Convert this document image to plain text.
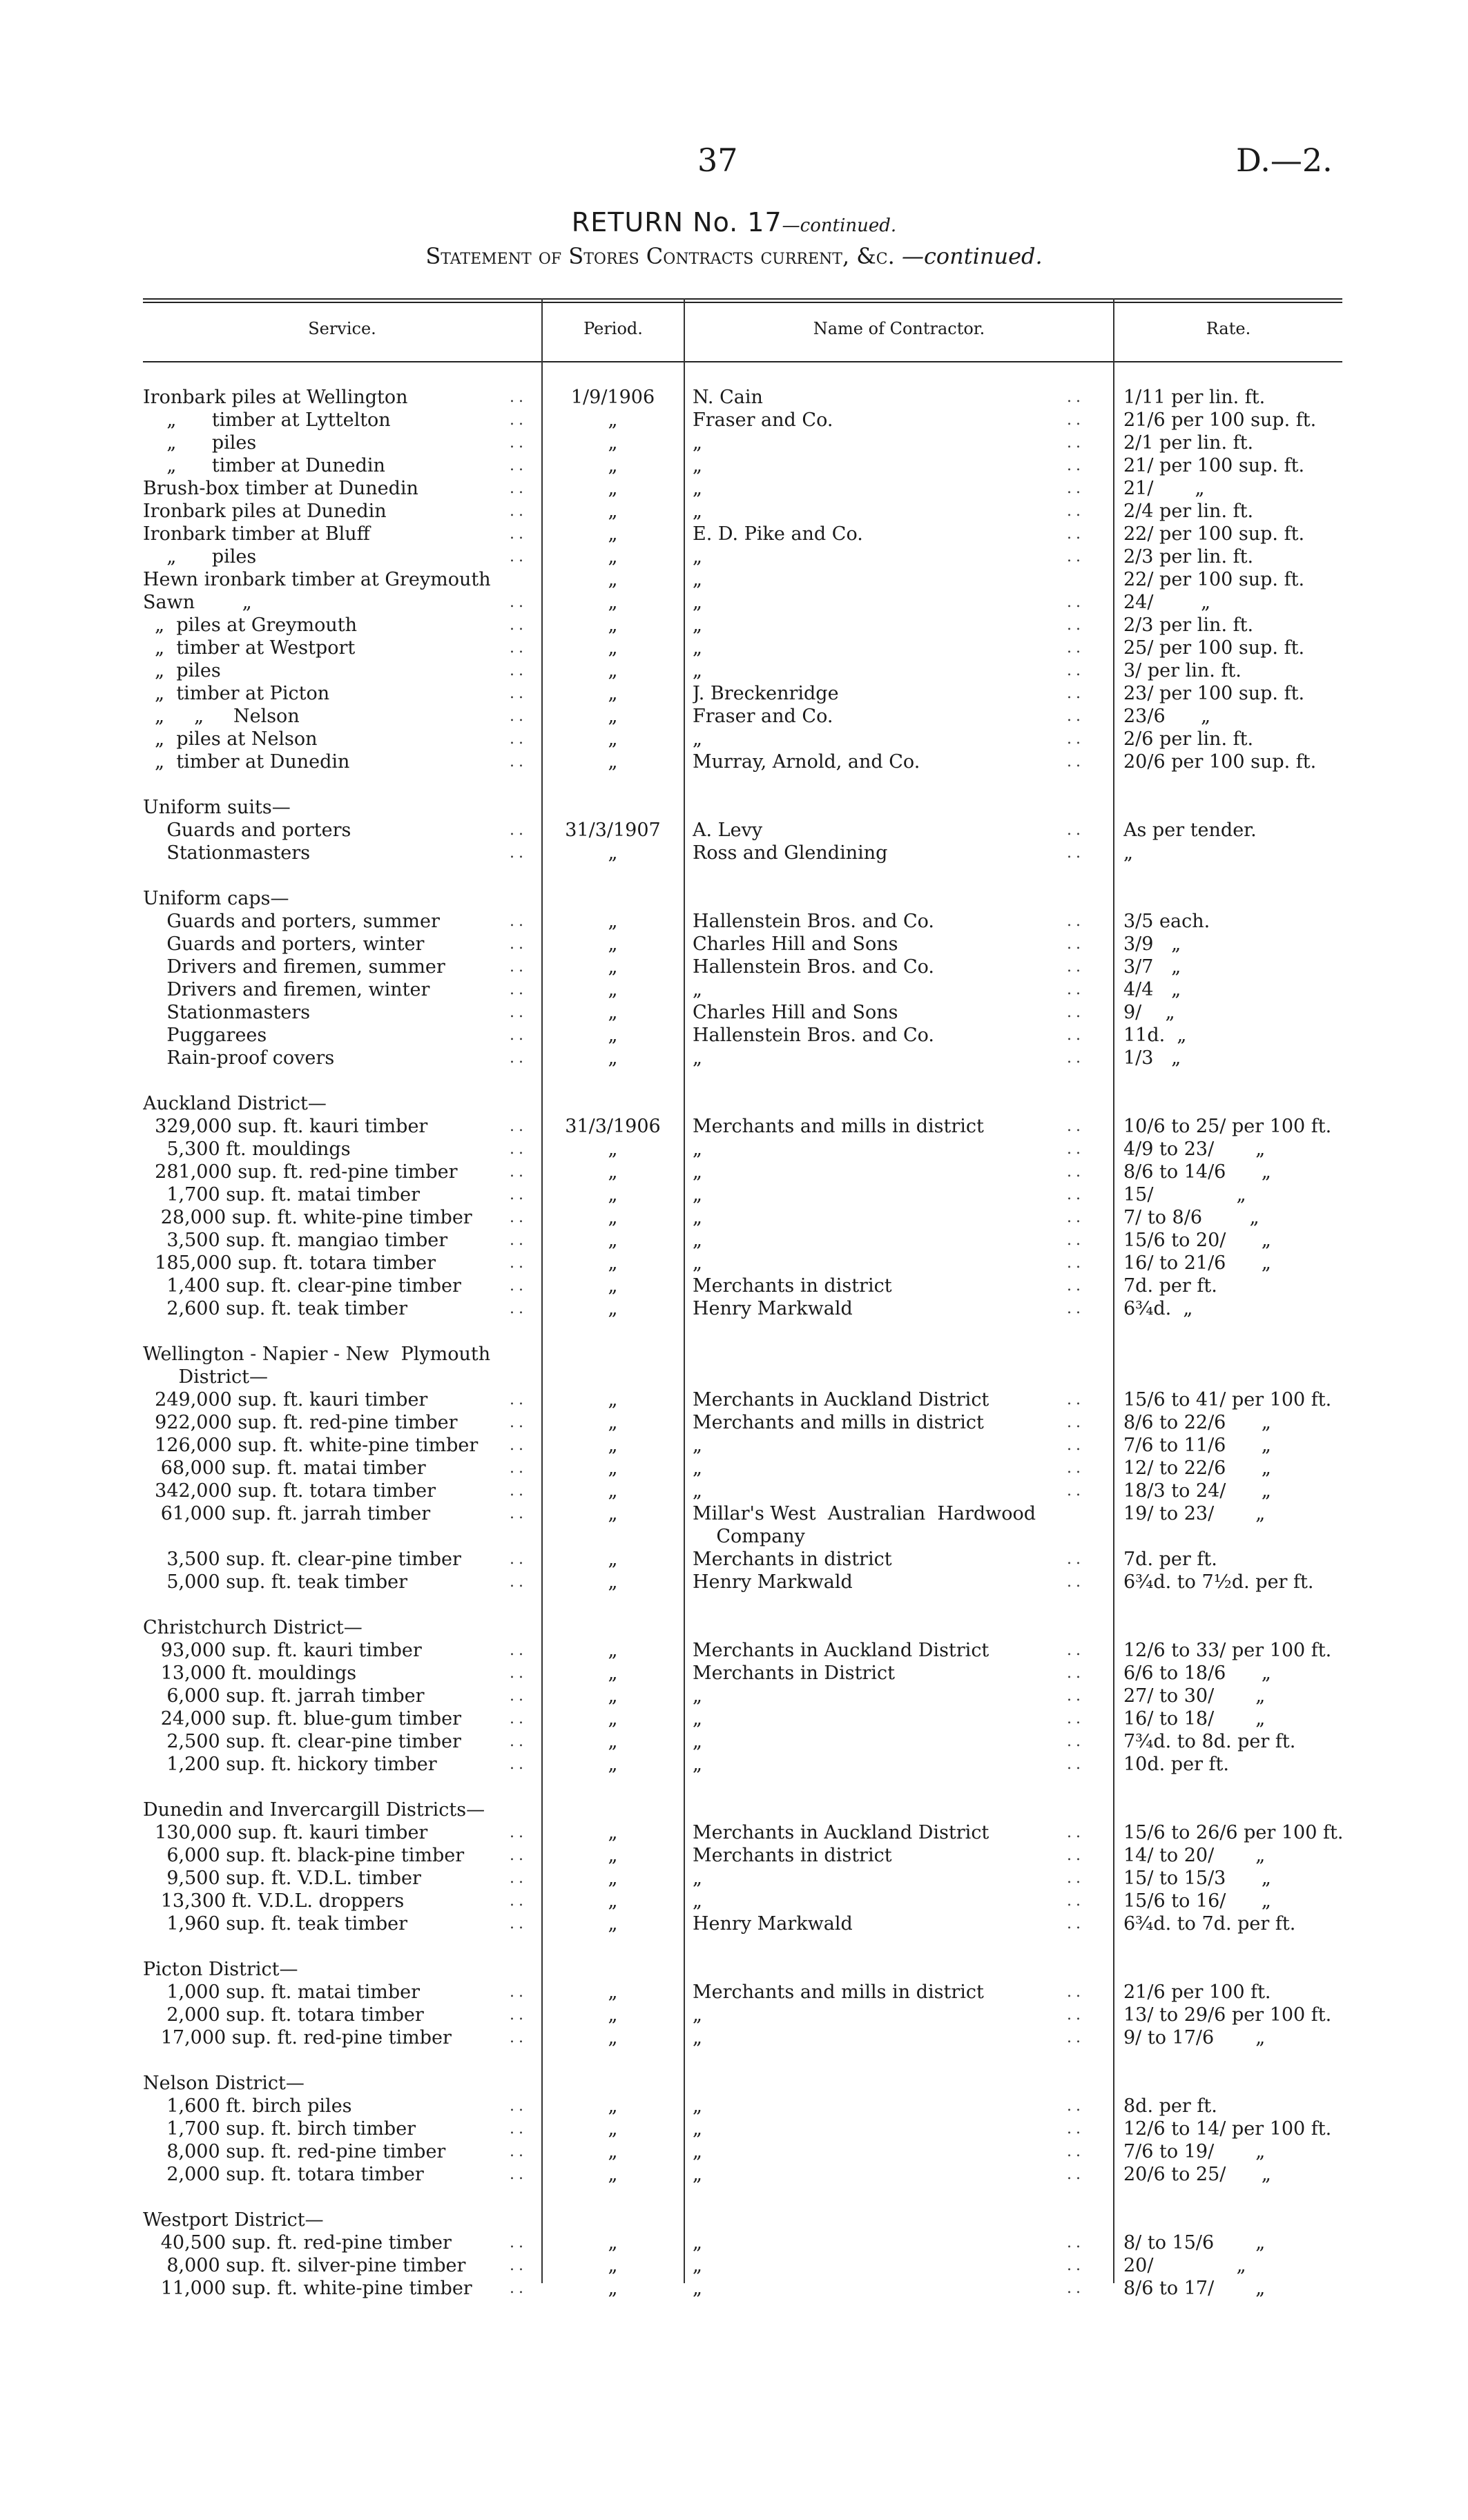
37	D.—2.
RETURN No. 17—continued.
Statement of Stores Contracts current, &c. —continued.
Service.	Period.	Name of Contractor.	Rate.
Ironbark piles at Wellington	1/9/1906	N. Cain	1/11 per lin. ft.
..	..
„      timber at Lyttelton	„	Fraser and Co.	21/6 per 100 sup. ft.
..	..
„      piles	„	„	2/1 per lin. ft.
..	..
„      timber at Dunedin	„	„	21/ per 100 sup. ft.
..	..
Brush-box timber at Dunedin	„	„	21/       „
..	..
Ironbark piles at Dunedin	„	„	2/4 per lin. ft.
..	..
Ironbark timber at Bluff	„	E. D. Pike and Co.	22/ per 100 sup. ft.
..	..
„      piles	„	„	2/3 per lin. ft.
..	..
Hewn ironbark timber at Greymouth	„	„	22/ per 100 sup. ft.
Sawn        „	„	„	24/        „
..	..
„  piles at Greymouth	„	„	2/3 per lin. ft.
..	..
„  timber at Westport	„	„	25/ per 100 sup. ft.
..	..
„  piles	„	„	3/ per lin. ft.
..	..
„  timber at Picton	„	J. Breckenridge	23/ per 100 sup. ft.
..	..
„     „     Nelson	„	Fraser and Co.	23/6      „
..	..
„  piles at Nelson	„	„	2/6 per lin. ft.
..	..
„  timber at Dunedin	„	Murray, Arnold, and Co.	20/6 per 100 sup. ft.
..	..
Uniform suits—
Guards and porters	31/3/1907	A. Levy	As per tender.
..	..
Stationmasters	„	Ross and Glendining	„
..	..
Uniform caps—
Guards and porters, summer	„	Hallenstein Bros. and Co.	3/5 each.
..	..
Guards and porters, winter	„	Charles Hill and Sons	3/9   „
..	..
Drivers and firemen, summer	„	Hallenstein Bros. and Co.	3/7   „
..	..
Drivers and firemen, winter	„	„	4/4   „
..	..
Stationmasters	„	Charles Hill and Sons	9/    „
..	..
Puggarees	„	Hallenstein Bros. and Co.	11d.  „
..	..
Rain-proof covers	„	„	1/3   „
..	..
Auckland District—
329,000 sup. ft. kauri timber	31/3/1906	Merchants and mills in district	10/6 to 25/ per 100 ft.
..	..
5,300 ft. mouldings	„	„	4/9 to 23/       „
..	..
281,000 sup. ft. red-pine timber	„	„	8/6 to 14/6      „
..	..
1,700 sup. ft. matai timber	„	„	15/              „
..	..
28,000 sup. ft. white-pine timber	„	„	7/ to 8/6        „
..	..
3,500 sup. ft. mangiao timber	„	„	15/6 to 20/      „
..	..
185,000 sup. ft. totara timber	„	„	16/ to 21/6      „
..	..
1,400 sup. ft. clear-pine timber	„	Merchants in district	7d. per ft.
..	..
2,600 sup. ft. teak timber	„	Henry Markwald	6¾d.  „
..	..
Wellington - Napier - New  Plymouth
District—
249,000 sup. ft. kauri timber	„	Merchants in Auckland District	15/6 to 41/ per 100 ft.
..	..
922,000 sup. ft. red-pine timber	„	Merchants and mills in district	8/6 to 22/6      „
..	..
126,000 sup. ft. white-pine timber	„	„	7/6 to 11/6      „
..	..
68,000 sup. ft. matai timber	„	„	12/ to 22/6      „
..	..
342,000 sup. ft. totara timber	„	„	18/3 to 24/      „
..	..
61,000 sup. ft. jarrah timber	„	Millar's West  Australian  Hardwood	19/ to 23/       „
..
Company
3,500 sup. ft. clear-pine timber	„	Merchants in district	7d. per ft.
..	..
5,000 sup. ft. teak timber	„	Henry Markwald	6¾d. to 7½d. per ft.
..	..
Christchurch District—
93,000 sup. ft. kauri timber	„	Merchants in Auckland District	12/6 to 33/ per 100 ft.
..	..
13,000 ft. mouldings	„	Merchants in District	6/6 to 18/6      „
..	..
6,000 sup. ft. jarrah timber	„	„	27/ to 30/       „
..	..
24,000 sup. ft. blue-gum timber	„	„	16/ to 18/       „
..	..
2,500 sup. ft. clear-pine timber	„	„	7¾d. to 8d. per ft.
..	..
1,200 sup. ft. hickory timber	„	„	10d. per ft.
..	..
Dunedin and Invercargill Districts—
130,000 sup. ft. kauri timber	„	Merchants in Auckland District	15/6 to 26/6 per 100 ft.
..	..
6,000 sup. ft. black-pine timber	„	Merchants in district	14/ to 20/       „
..	..
9,500 sup. ft. V.D.L. timber	„	„	15/ to 15/3      „
..	..
13,300 ft. V.D.L. droppers	„	„	15/6 to 16/      „
..	..
1,960 sup. ft. teak timber	„	Henry Markwald	6¾d. to 7d. per ft.
..	..
Picton District—
1,000 sup. ft. matai timber	„	Merchants and mills in district	21/6 per 100 ft.
..	..
2,000 sup. ft. totara timber	„	„	13/ to 29/6 per 100 ft.
..	..
17,000 sup. ft. red-pine timber	„	„	9/ to 17/6       „
..	..
Nelson District—
1,600 ft. birch piles	„	„	8d. per ft.
..	..
1,700 sup. ft. birch timber	„	„	12/6 to 14/ per 100 ft.
..	..
8,000 sup. ft. red-pine timber	„	„	7/6 to 19/       „
..	..
2,000 sup. ft. totara timber	„	„	20/6 to 25/      „
..	..
Westport District—
40,500 sup. ft. red-pine timber	„	„	8/ to 15/6       „
..	..
8,000 sup. ft. silver-pine timber	„	„	20/              „
..	..
11,000 sup. ft. white-pine timber	„	„	8/6 to 17/       „
..	..
